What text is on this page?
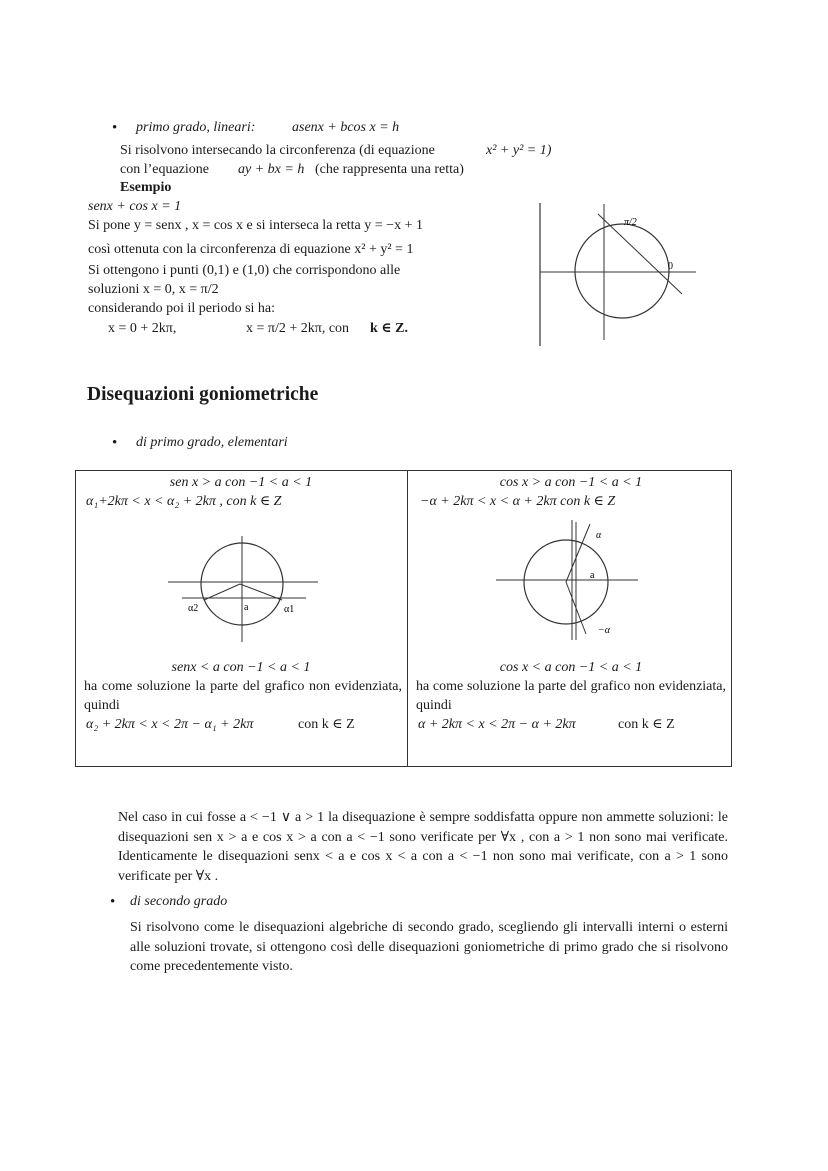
• primo grado, lineari:	asenx + bcos x = h
Si risolvono intersecando la circonferenza (di equazione	x² + y² = 1)
con l’equazione ay + bx = h (che rappresenta una retta)
Esempio
senx + cos x = 1
Si pone y = senx , x = cos x e si interseca la retta y = −x + 1
così ottenuta con la circonferenza di equazione x² + y² = 1
Si ottengono i punti (0,1) e (1,0) che corrispondono alle
soluzioni x = 0, x = π/2
considerando poi il periodo si ha:
x = 0 + 2kπ,	x = π/2 + 2kπ, con k ∈ Z.
π/2
0
Disequazioni goniometriche
• di primo grado, elementari
sen x > a con −1 < a < 1
α₁+2kπ < x < α₂ + 2kπ , con k ∈ Z
α2	a	α1
senx < a con −1 < a < 1
ha come soluzione la parte del grafico non evidenziata, quindi
α₂ + 2kπ < x < 2π − α₁ + 2kπ	con k ∈ Z
cos x > a con −1 < a < 1
−α + 2kπ < x < α + 2kπ con k ∈ Z
α
a
−α
cos x < a con −1 < a < 1
ha come soluzione la parte del grafico non evidenziata, quindi
α + 2kπ < x < 2π − α + 2kπ	con k ∈ Z
Nel caso in cui fosse a < −1 ∨ a > 1 la disequazione è sempre soddisfatta oppure non ammette soluzioni: le disequazioni sen x > a e cos x > a con a < −1 sono verificate per ∀x , con a > 1 non sono mai verificate. Identicamente le disequazioni senx < a e cos x < a con a < −1 non sono mai verificate, con a > 1 sono verificate per ∀x .
• di secondo grado
Si risolvono come le disequazioni algebriche di secondo grado, scegliendo gli intervalli interni o esterni alle soluzioni trovate, si ottengono così delle disequazioni goniometriche di primo grado che si risolvono come precedentemente visto.
